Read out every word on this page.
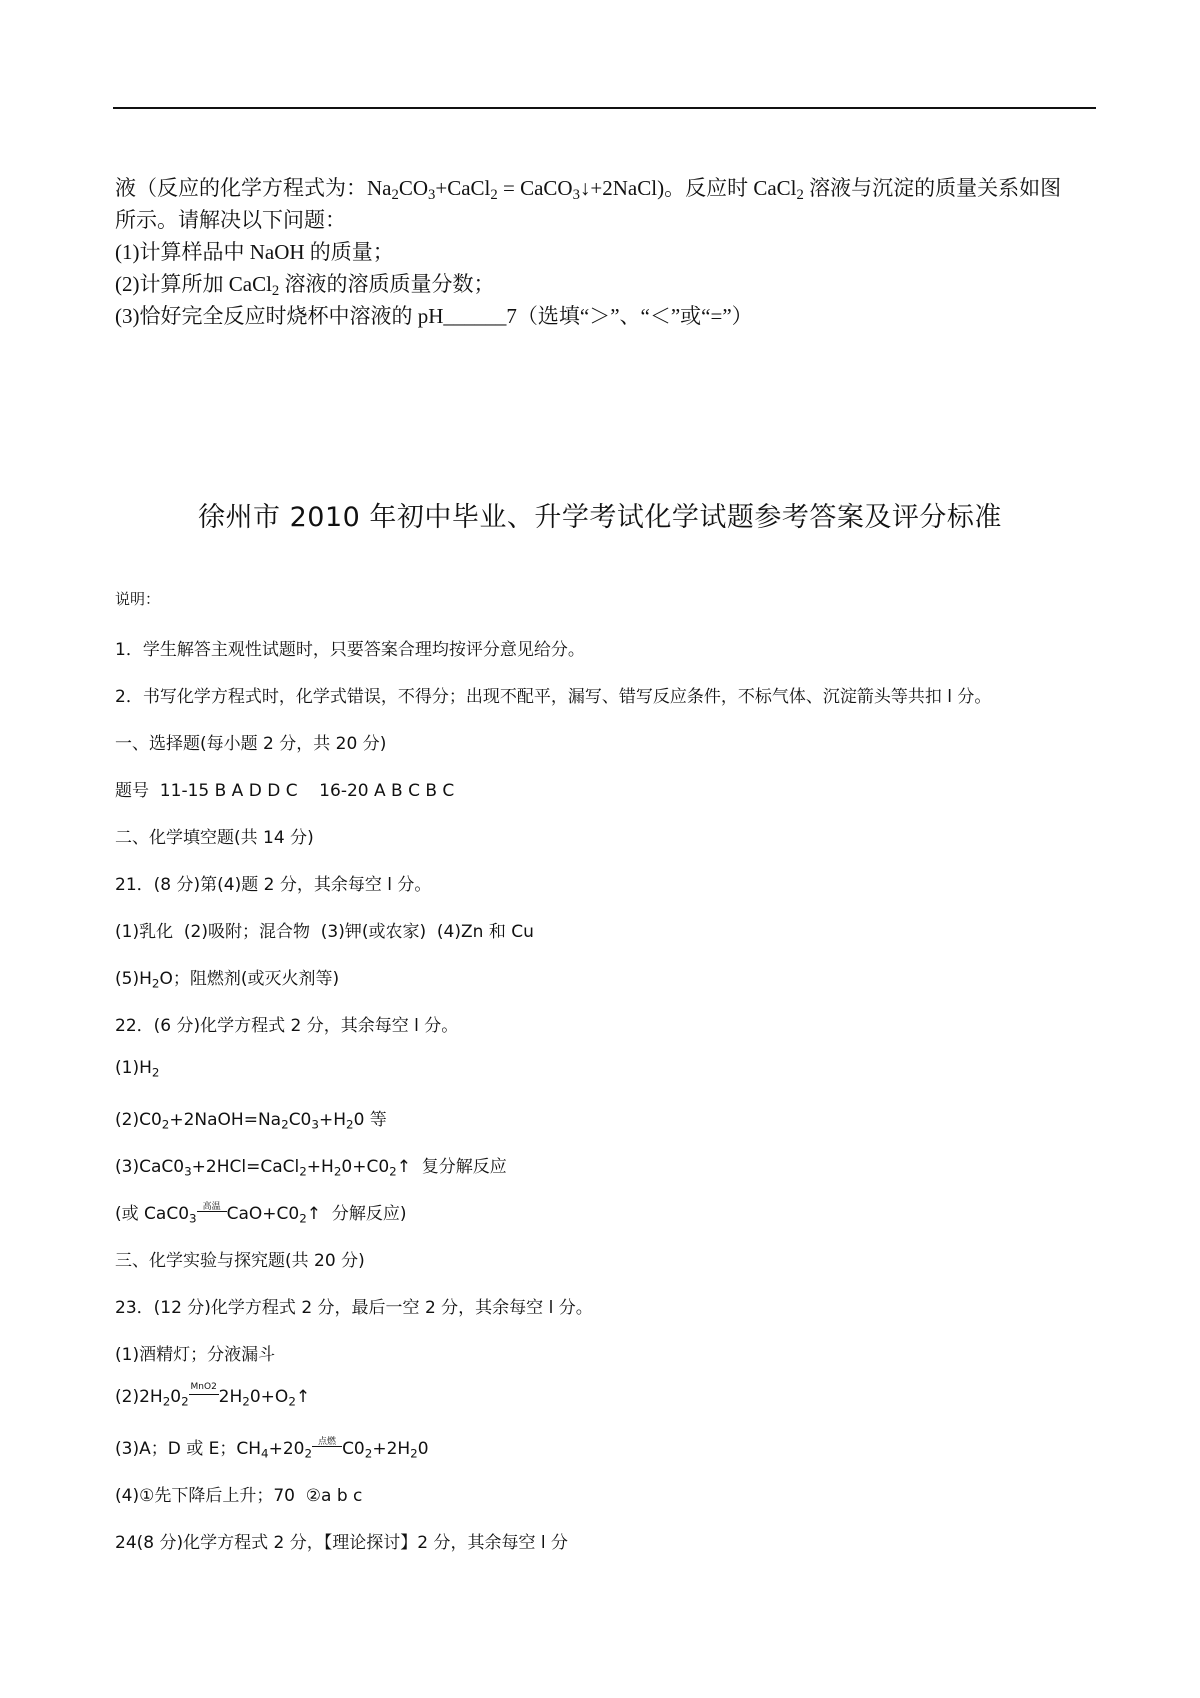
液（反应的化学方程式为：$Na_2CO_3+CaCl_2$ = CaCO$_3$↓+2NaCl)。反应时 CaCl$_2$ 溶液与沉淀的质量关系如图

所示。请解决以下问题：

(1)计算样品中 NaOH 的质量；

(2)计算所加 CaCl$_2$ 溶液的溶质质量分数；

(3)恰好完全反应时烧杯中溶液的 pH______7（选填“＞”、“＜”或“=”）

徐州市 2010 年初中毕业、升学考试化学试题参考答案及评分标准

说明：

1．学生解答主观性试题时，只要答案合理均按评分意见给分。

2．书写化学方程式时，化学式错误，不得分；出现不配平，漏写、错写反应条件，不标气体、沉淀箭头等共扣 l 分。

一、选择题(每小题 2 分，共 20 分)

题号  11-15 B A D D C    16-20 A B C B C

二、化学填空题(共 14 分)

21．(8 分)第(4)题 2 分，其余每空 l 分。

(1)乳化  (2)吸附；混合物  (3)钾(或农家)  (4)Zn 和 Cu

$(5)H_2O$；阻燃剂(或灭火剂等)

22．(6 分)化学方程式 2 分，其余每空 l 分。

$(1)H_2$

$(2)C0_2+2NaOH=Na_2C0_3+H_20$ 等

$(3)CaC0_3+2HCl=CaCl_2+H_20+C0_2↑$  复分解反应

(或 $CaC0_3$
高温 $CaO+C0_2↑$  分解反应)

三、化学实验与探究题(共 20 分)

23．(12 分)化学方程式 2 分，最后一空 2 分，其余每空 l 分。

(1)酒精灯；分液漏斗

$(2)2H_20_2$
MnO2 $2H_20+O_2↑$

(3)A；D 或 E；$CH_4+20_2$
点燃 $C0_2+2H_20$

(4)①先下降后上升；70  ②a b c

24(8 分)化学方程式 2 分，【理论探讨】2 分，其余每空 l 分
